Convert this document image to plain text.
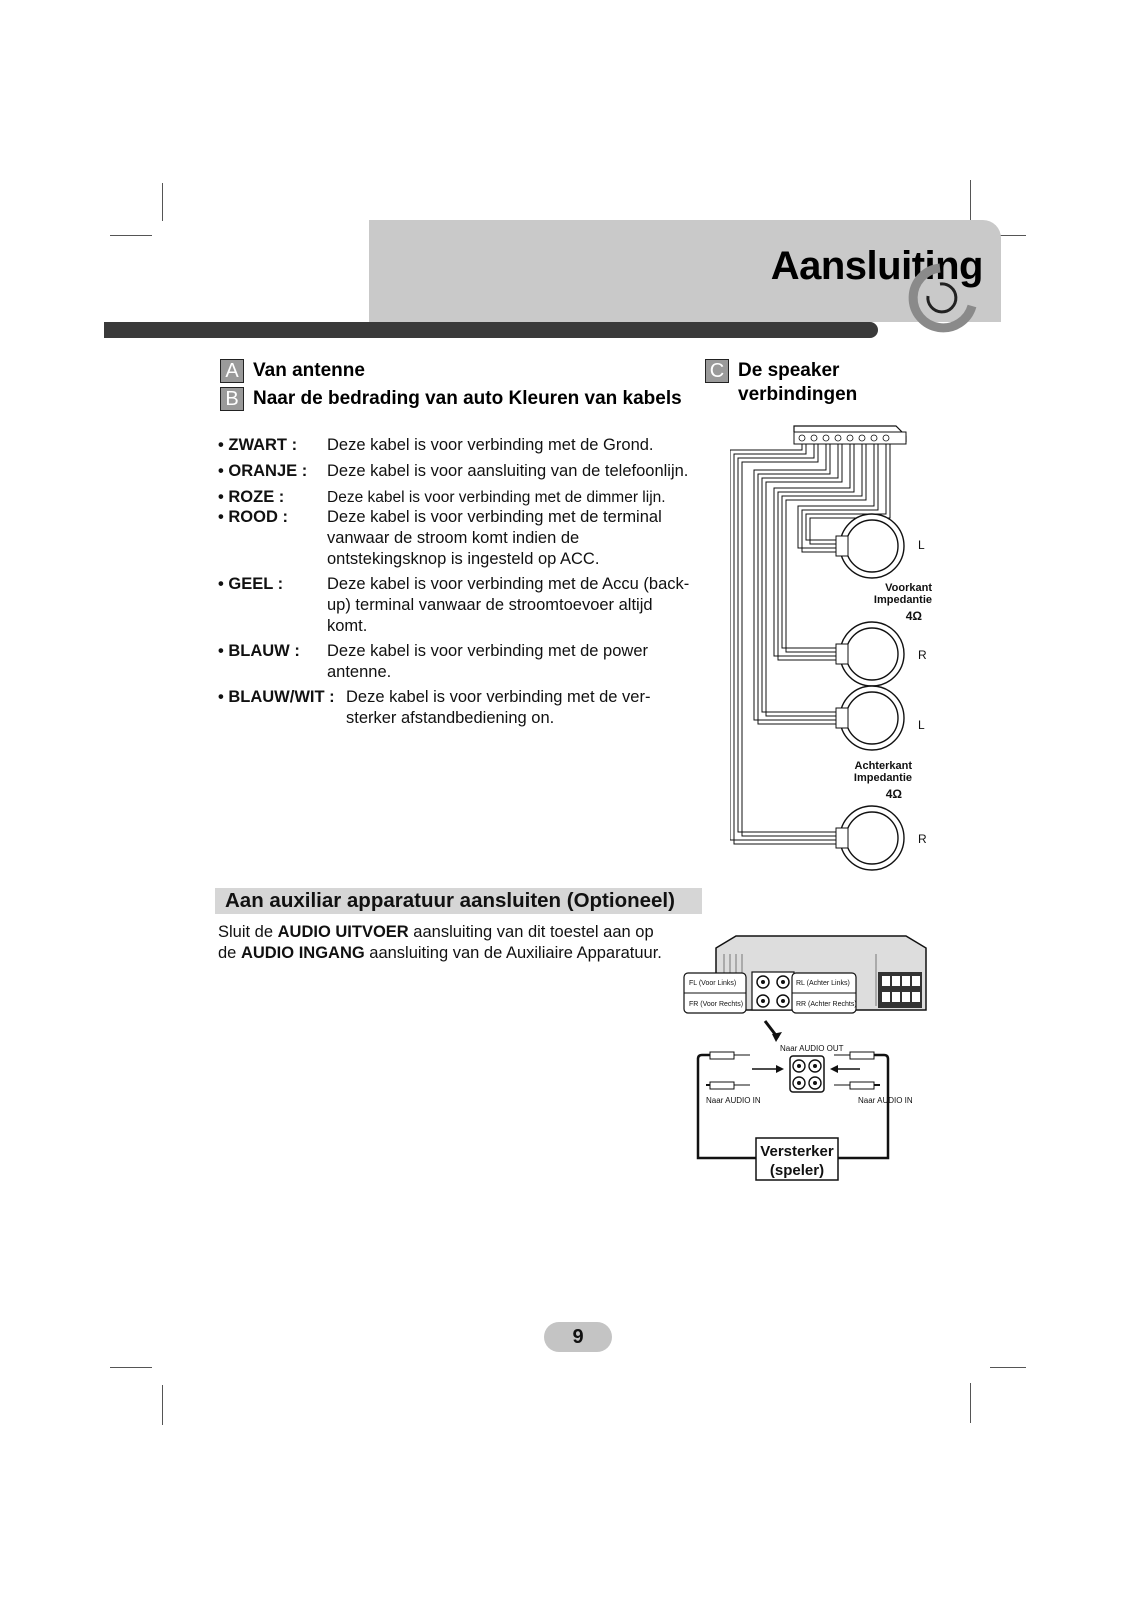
Aansluiting
A Van antenne
B Naar de bedrading van auto Kleuren van kabels
C De speaker
verbindingen
• ZWART : Deze kabel is voor verbinding met de Grond.
• ORANJE : Deze kabel is voor aansluiting van de telefoonlijn.
• ROZE :	Deze kabel is voor verbinding met de dimmer lijn.
• ROOD : Deze kabel is voor verbinding met de terminal vanwaar de stroom komt indien de ontstekingsknop is ingesteld op ACC.
• GEEL :	Deze kabel is voor verbinding met de Accu (back-up) terminal vanwaar de stroomtoevoer altijd komt.
• BLAUW : Deze kabel is voor verbinding met de power antenne.
• BLAUW/WIT : Deze kabel is voor verbinding met de ver-sterker afstandbediening on.
L
Voorkant
Impedantie
4Ω
R
L
Achterkant
Impedantie
4Ω
R
Aan auxiliar apparatuur aansluiten (Optioneel)
Sluit de AUDIO UITVOER aansluiting van dit toestel aan op de AUDIO INGANG aansluiting van de Auxiliaire Apparatuur.
FL (Voor Links)
FR (Voor Rechts)
RL (Achter Links)
RR (Achter Rechts)
Naar AUDIO OUT
Naar AUDIO IN	Naar AUDIO IN
Versterker
(speler)
9
